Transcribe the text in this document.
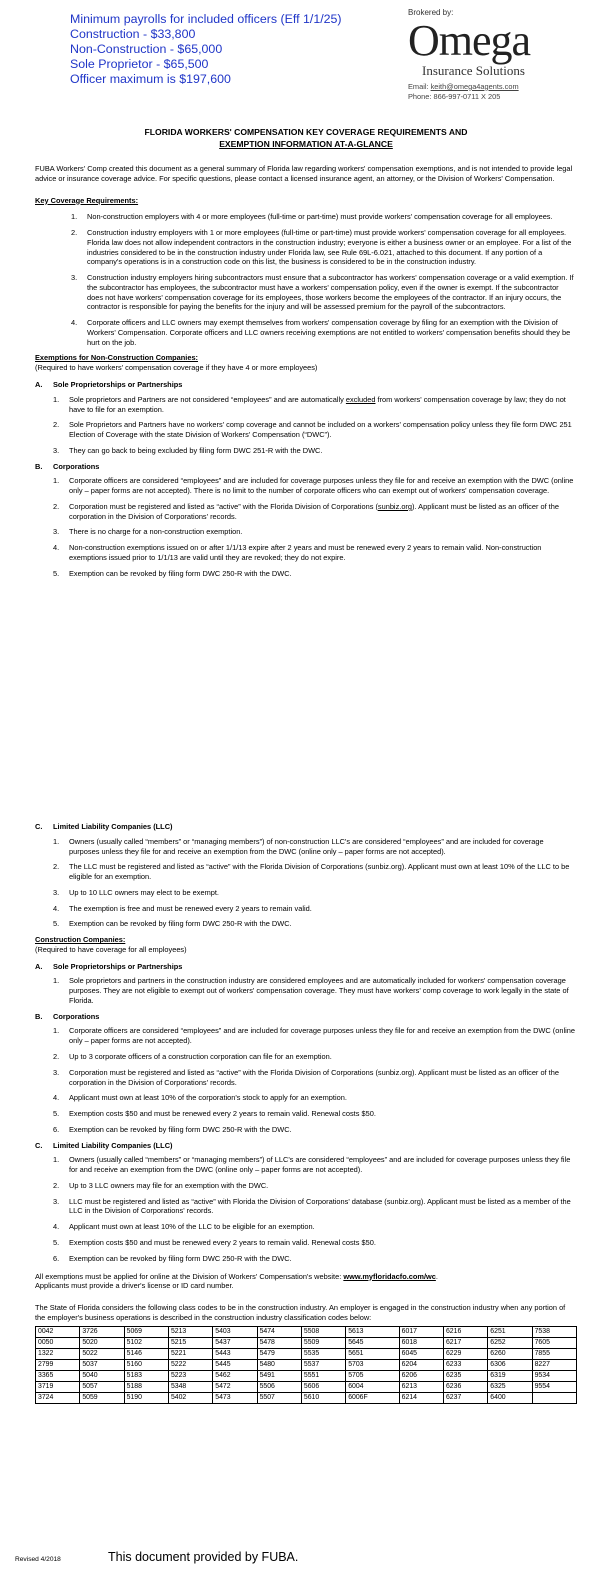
Minimum payrolls for included officers (Eff 1/1/25)
Construction - $33,800
Non-Construction - $65,000
Sole Proprietor - $65,500
Officer maximum is $197,600
Brokered by:
Omega
Insurance Solutions
Email: keith@omega4agents.com
Phone: 866-997-0711 X 205
FLORIDA WORKERS' COMPENSATION KEY COVERAGE REQUIREMENTS AND
EXEMPTION INFORMATION AT-A-GLANCE

FUBA Workers' Comp created this document as a general summary of Florida law regarding workers' compensation exemptions, and is not intended to provide legal advice or insurance coverage advice. For specific questions, please contact a licensed insurance agent, an attorney, or the Division of Workers' Compensation.

Key Coverage Requirements:
1.	Non-construction employers with 4 or more employees (full-time or part-time) must provide workers' compensation coverage for all employees.
2.	Construction industry employers with 1 or more employees (full-time or part-time) must provide workers' compensation coverage for all employees. Florida law does not allow independent contractors in the construction industry; everyone is either a business owner or an employee. For a list of the industries considered to be in the construction industry under Florida law, see Rule 69L-6.021, attached to this document. If any portion of a company's operations is in a construction code on this list, the business is considered to be in the construction industry.
3.	Construction industry employers hiring subcontractors must ensure that a subcontractor has workers' compensation coverage or a valid exemption. If the subcontractor has employees, the subcontractor must have a workers' compensation policy, even if the owner is exempt. If the subcontractor does not have workers' compensation coverage for its employees, those workers become the employees of the contractor. If an injury occurs, the contractor is responsible for paying the benefits for the injury and will be assessed premium for the payroll of the subcontractors.
4.	Corporate officers and LLC owners may exempt themselves from workers' compensation coverage by filing for an exemption with the Division of Workers' Compensation. Corporate officers and LLC owners receiving exemptions are not entitled to workers' compensation benefits should they be hurt on the job.
Exemptions for Non-Construction Companies:
(Required to have workers' compensation coverage if they have 4 or more employees)
A.	Sole Proprietorships or Partnerships
1.	Sole proprietors and Partners are not considered “employees” and are automatically excluded from workers' compensation coverage by law; they do not have to file for an exemption.
2.	Sole Proprietors and Partners have no workers' comp coverage and cannot be included on a workers' compensation policy unless they file form DWC 251 Election of Coverage with the state Division of Workers' Compensation (“DWC”).
3.	They can go back to being excluded by filing form DWC 251-R with the DWC.
B.	Corporations
1.	Corporate officers are considered “employees” and are included for coverage purposes unless they file for and receive an exemption with the DWC (online only – paper forms are not accepted). There is no limit to the number of corporate officers who can exempt out of workers' compensation coverage.
2.	Corporation must be registered and listed as “active” with the Florida Division of Corporations (sunbiz.org). Applicant must be listed as an officer of the corporation in the Division of Corporations' records.
3.	There is no charge for a non-construction exemption.
4.	Non-construction exemptions issued on or after 1/1/13 expire after 2 years and must be renewed every 2 years to remain valid. Non-construction exemptions issued prior to 1/1/13 are valid until they are revoked; they do not expire.
5.	Exemption can be revoked by filing form DWC 250-R with the DWC.
C.	Limited Liability Companies (LLC)
1.	Owners (usually called “members” or “managing members”) of non-construction LLC's are considered “employees” and are included for coverage purposes unless they file for and receive an exemption from the DWC (online only – paper forms are not accepted).
2.	The LLC must be registered and listed as “active” with the Florida Division of Corporations (sunbiz.org). Applicant must own at least 10% of the LLC to be eligible for an exemption.
3.	Up to 10 LLC owners may elect to be exempt.
4.	The exemption is free and must be renewed every 2 years to remain valid.
5.	Exemption can be revoked by filing form DWC 250-R with the DWC.
Construction Companies:
(Required to have coverage for all employees)
A.	Sole Proprietorships or Partnerships
1.	Sole proprietors and partners in the construction industry are considered employees and are automatically included for workers' compensation coverage purposes. They are not eligible to exempt out of workers' compensation coverage. They must have workers' comp coverage to work legally in the state of Florida.
B.	Corporations
1.	Corporate officers are considered “employees” and are included for coverage purposes unless they file for and receive an exemption from the DWC (online only – paper forms are not accepted).
2.	Up to 3 corporate officers of a construction corporation can file for an exemption.
3.	Corporation must be registered and listed as “active” with the Florida Division of Corporations (sunbiz.org). Applicant must be listed as an officer of the corporation in the Division of Corporations' records.
4.	Applicant must own at least 10% of the corporation's stock to apply for an exemption.
5.	Exemption costs $50 and must be renewed every 2 years to remain valid. Renewal costs $50.
6.	Exemption can be revoked by filing form DWC 250-R with the DWC.
C.	Limited Liability Companies (LLC)
1.	Owners (usually called “members” or “managing members”) of LLC's are considered “employees” and are included for coverage purposes unless they file for and receive an exemption from the DWC (online only – paper forms are not accepted).
2.	Up to 3 LLC owners may file for an exemption with the DWC.
3.	LLC must be registered and listed as “active” with Florida the Division of Corporations' database (sunbiz.org). Applicant must be listed as a member of the LLC in the Division of Corporations' records.
4.	Applicant must own at least 10% of the LLC to be eligible for an exemption.
5.	Exemption costs $50 and must be renewed every 2 years to remain valid. Renewal costs $50.
6.	Exemption can be revoked by filing form DWC 250-R with the DWC.

All exemptions must be applied for online at the Division of Workers' Compensation's website: www.myfloridacfo.com/wc.
Applicants must provide a driver's license or ID card number.

The State of Florida considers the following class codes to be in the construction industry. An employer is engaged in the construction industry when any portion of the employer's business operations is described in the construction industry classification codes below:

0042	3726	5069	5213	5403	5474	5508	5613	6017	6216	6251	7538
0050	5020	5102	5215	5437	5478	5509	5645	6018	6217	6252	7605
1322	5022	5146	5221	5443	5479	5535	5651	6045	6229	6260	7855
2799	5037	5160	5222	5445	5480	5537	5703	6204	6233	6306	8227
3365	5040	5183	5223	5462	5491	5551	5705	6206	6235	6319	9534
3719	5057	5188	5348	5472	5506	5606	6004	6213	6236	6325	9554
3724	5059	5190	5402	5473	5507	5610	6006F	6214	6237	6400	
Revised 4/2018	This document provided by FUBA.
